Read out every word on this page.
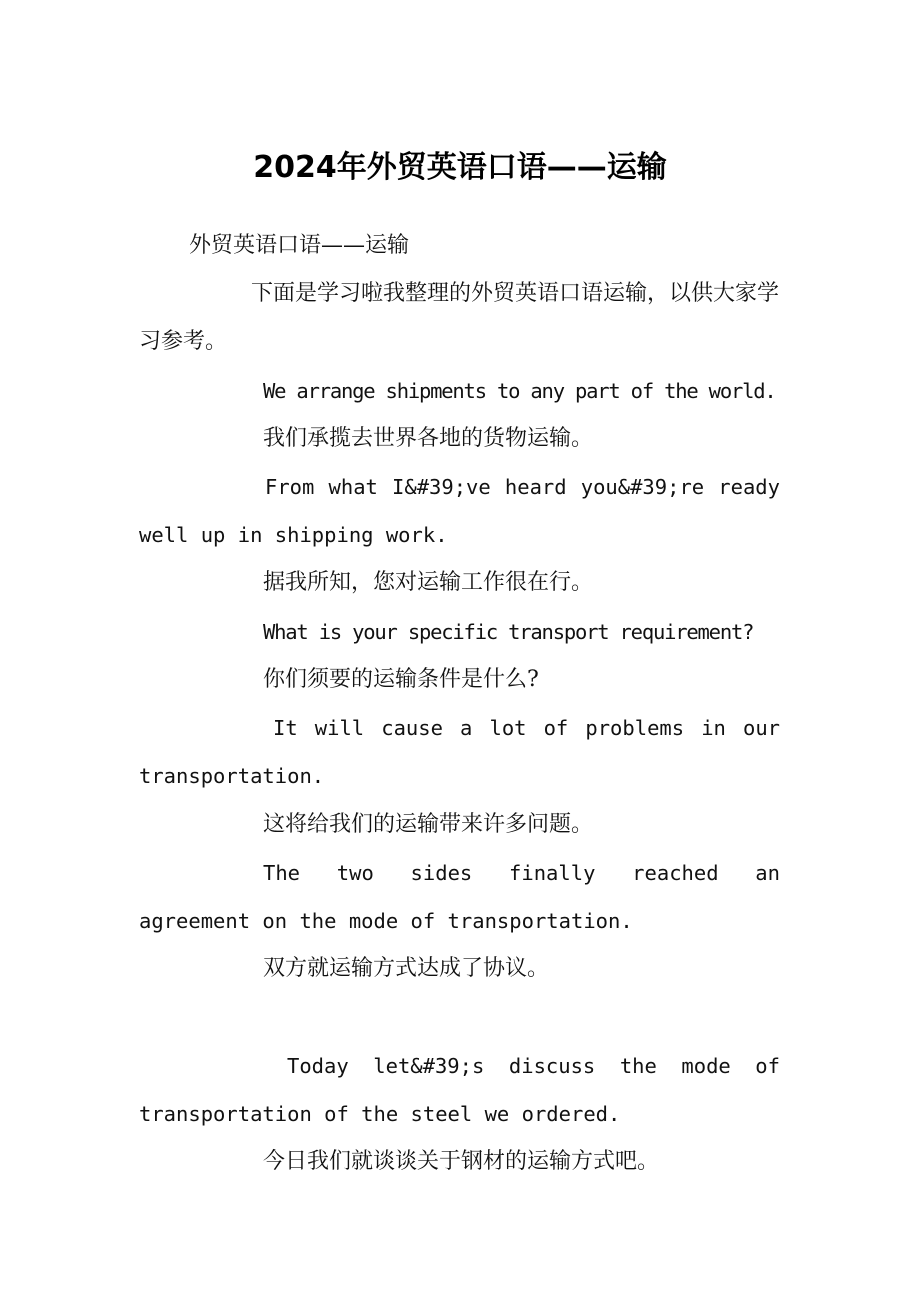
2024年外贸英语口语——运输

外贸英语口语——运输

下面是学习啦我整理的外贸英语口语运输，以供大家学习参考。

We arrange shipments to any part of the world.

我们承揽去世界各地的货物运输。

From what I&#39;ve heard you&#39;re ready well up in shipping work.

据我所知，您对运输工作很在行。

What is your specific transport requirement?

你们须要的运输条件是什么?

It will cause a lot of problems in our transportation.

这将给我们的运输带来许多问题。

The two sides finally reached an agreement on the mode of transportation.

双方就运输方式达成了协议。

Today let&#39;s discuss the mode of transportation of the steel we ordered.

今日我们就谈谈关于钢材的运输方式吧。
